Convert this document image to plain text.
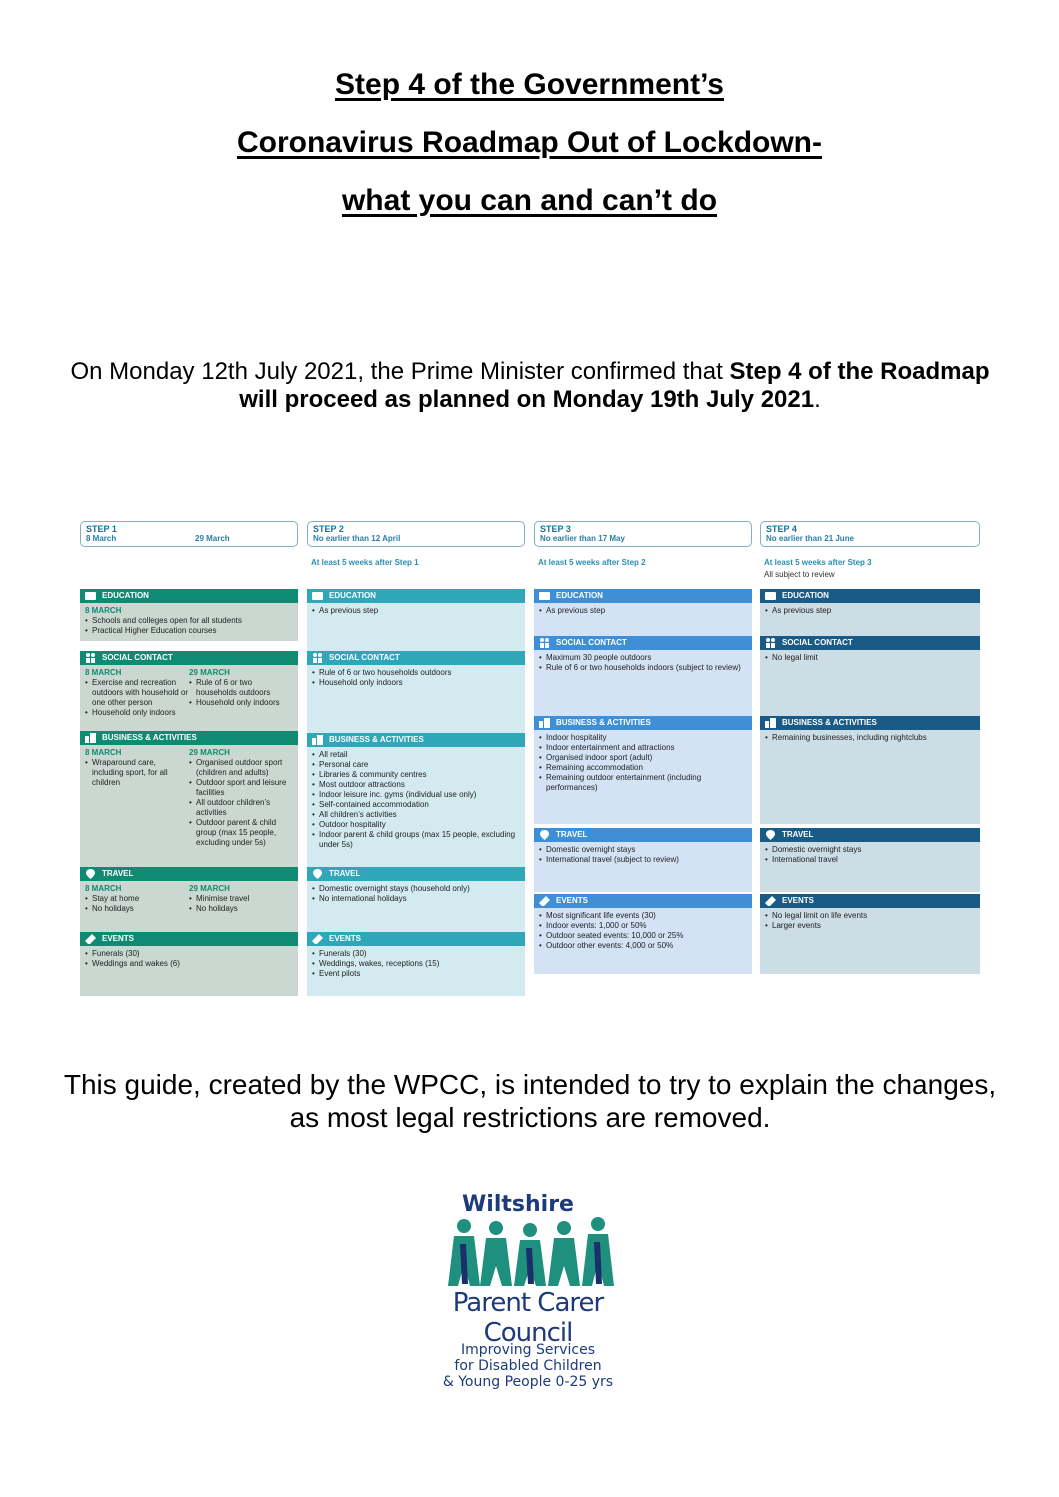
Step 4 of the Government’s
Coronavirus Roadmap Out of Lockdown-
what you can and can’t do
On Monday 12th July 2021, the Prime Minister confirmed that Step 4 of the Roadmap will proceed as planned on Monday 19th July 2021.
STEP 1
8 March	29 March
EDUCATION
8 MARCH
• Schools and colleges open for all students
• Practical Higher Education courses
SOCIAL CONTACT
8 MARCH
• Exercise and recreation outdoors with household or one other person
29 MARCH
• Rule of 6 or two households outdoors
• Household only indoors
• Household only indoors
BUSINESS & ACTIVITIES
8 MARCH
• Wraparound care, including sport, for all children
29 MARCH
• Organised outdoor sport (children and adults)
• Outdoor sport and leisure facilities
• All outdoor children’s activities
• Outdoor parent & child group (max 15 people, excluding under 5s)
TRAVEL
8 MARCH
• Stay at home
• No holidays
29 MARCH
• Minimise travel
• No holidays
EVENTS
• Funerals (30)
• Weddings and wakes (6)
STEP 2
No earlier than 12 April
At least 5 weeks after Step 1
EDUCATION
• As previous step
SOCIAL CONTACT
• Rule of 6 or two households outdoors
• Household only indoors
BUSINESS & ACTIVITIES
• All retail
• Personal care
• Libraries & community centres
• Most outdoor attractions
• Indoor leisure inc. gyms (individual use only)
• Self-contained accommodation
• All children’s activities
• Outdoor hospitality
• Indoor parent & child groups (max 15 people, excluding under 5s)
TRAVEL
• Domestic overnight stays (household only)
• No international holidays
EVENTS
• Funerals (30)
• Weddings, wakes, receptions (15)
• Event pilots
STEP 3
No earlier than 17 May
At least 5 weeks after Step 2
EDUCATION
• As previous step
SOCIAL CONTACT
• Maximum 30 people outdoors
• Rule of 6 or two households indoors (subject to review)
BUSINESS & ACTIVITIES
• Indoor hospitality
• Indoor entertainment and attractions
• Organised indoor sport (adult)
• Remaining accommodation
• Remaining outdoor entertainment (including performances)
TRAVEL
• Domestic overnight stays
• International travel (subject to review)
EVENTS
• Most significant life events (30)
• Indoor events: 1,000 or 50%
• Outdoor seated events: 10,000 or 25%
• Outdoor other events: 4,000 or 50%
STEP 4
No earlier than 21 June
At least 5 weeks after Step 3
All subject to review
EDUCATION
• As previous step
SOCIAL CONTACT
• No legal limit
BUSINESS & ACTIVITIES
• Remaining businesses, including nightclubs
TRAVEL
• Domestic overnight stays
• International travel
EVENTS
• No legal limit on life events
• Larger events
This guide, created by the WPCC, is intended to try to explain the changes, as most legal restrictions are removed.
Wiltshire
Parent Carer Council
Improving Services
for Disabled Children
& Young People 0-25 yrs
